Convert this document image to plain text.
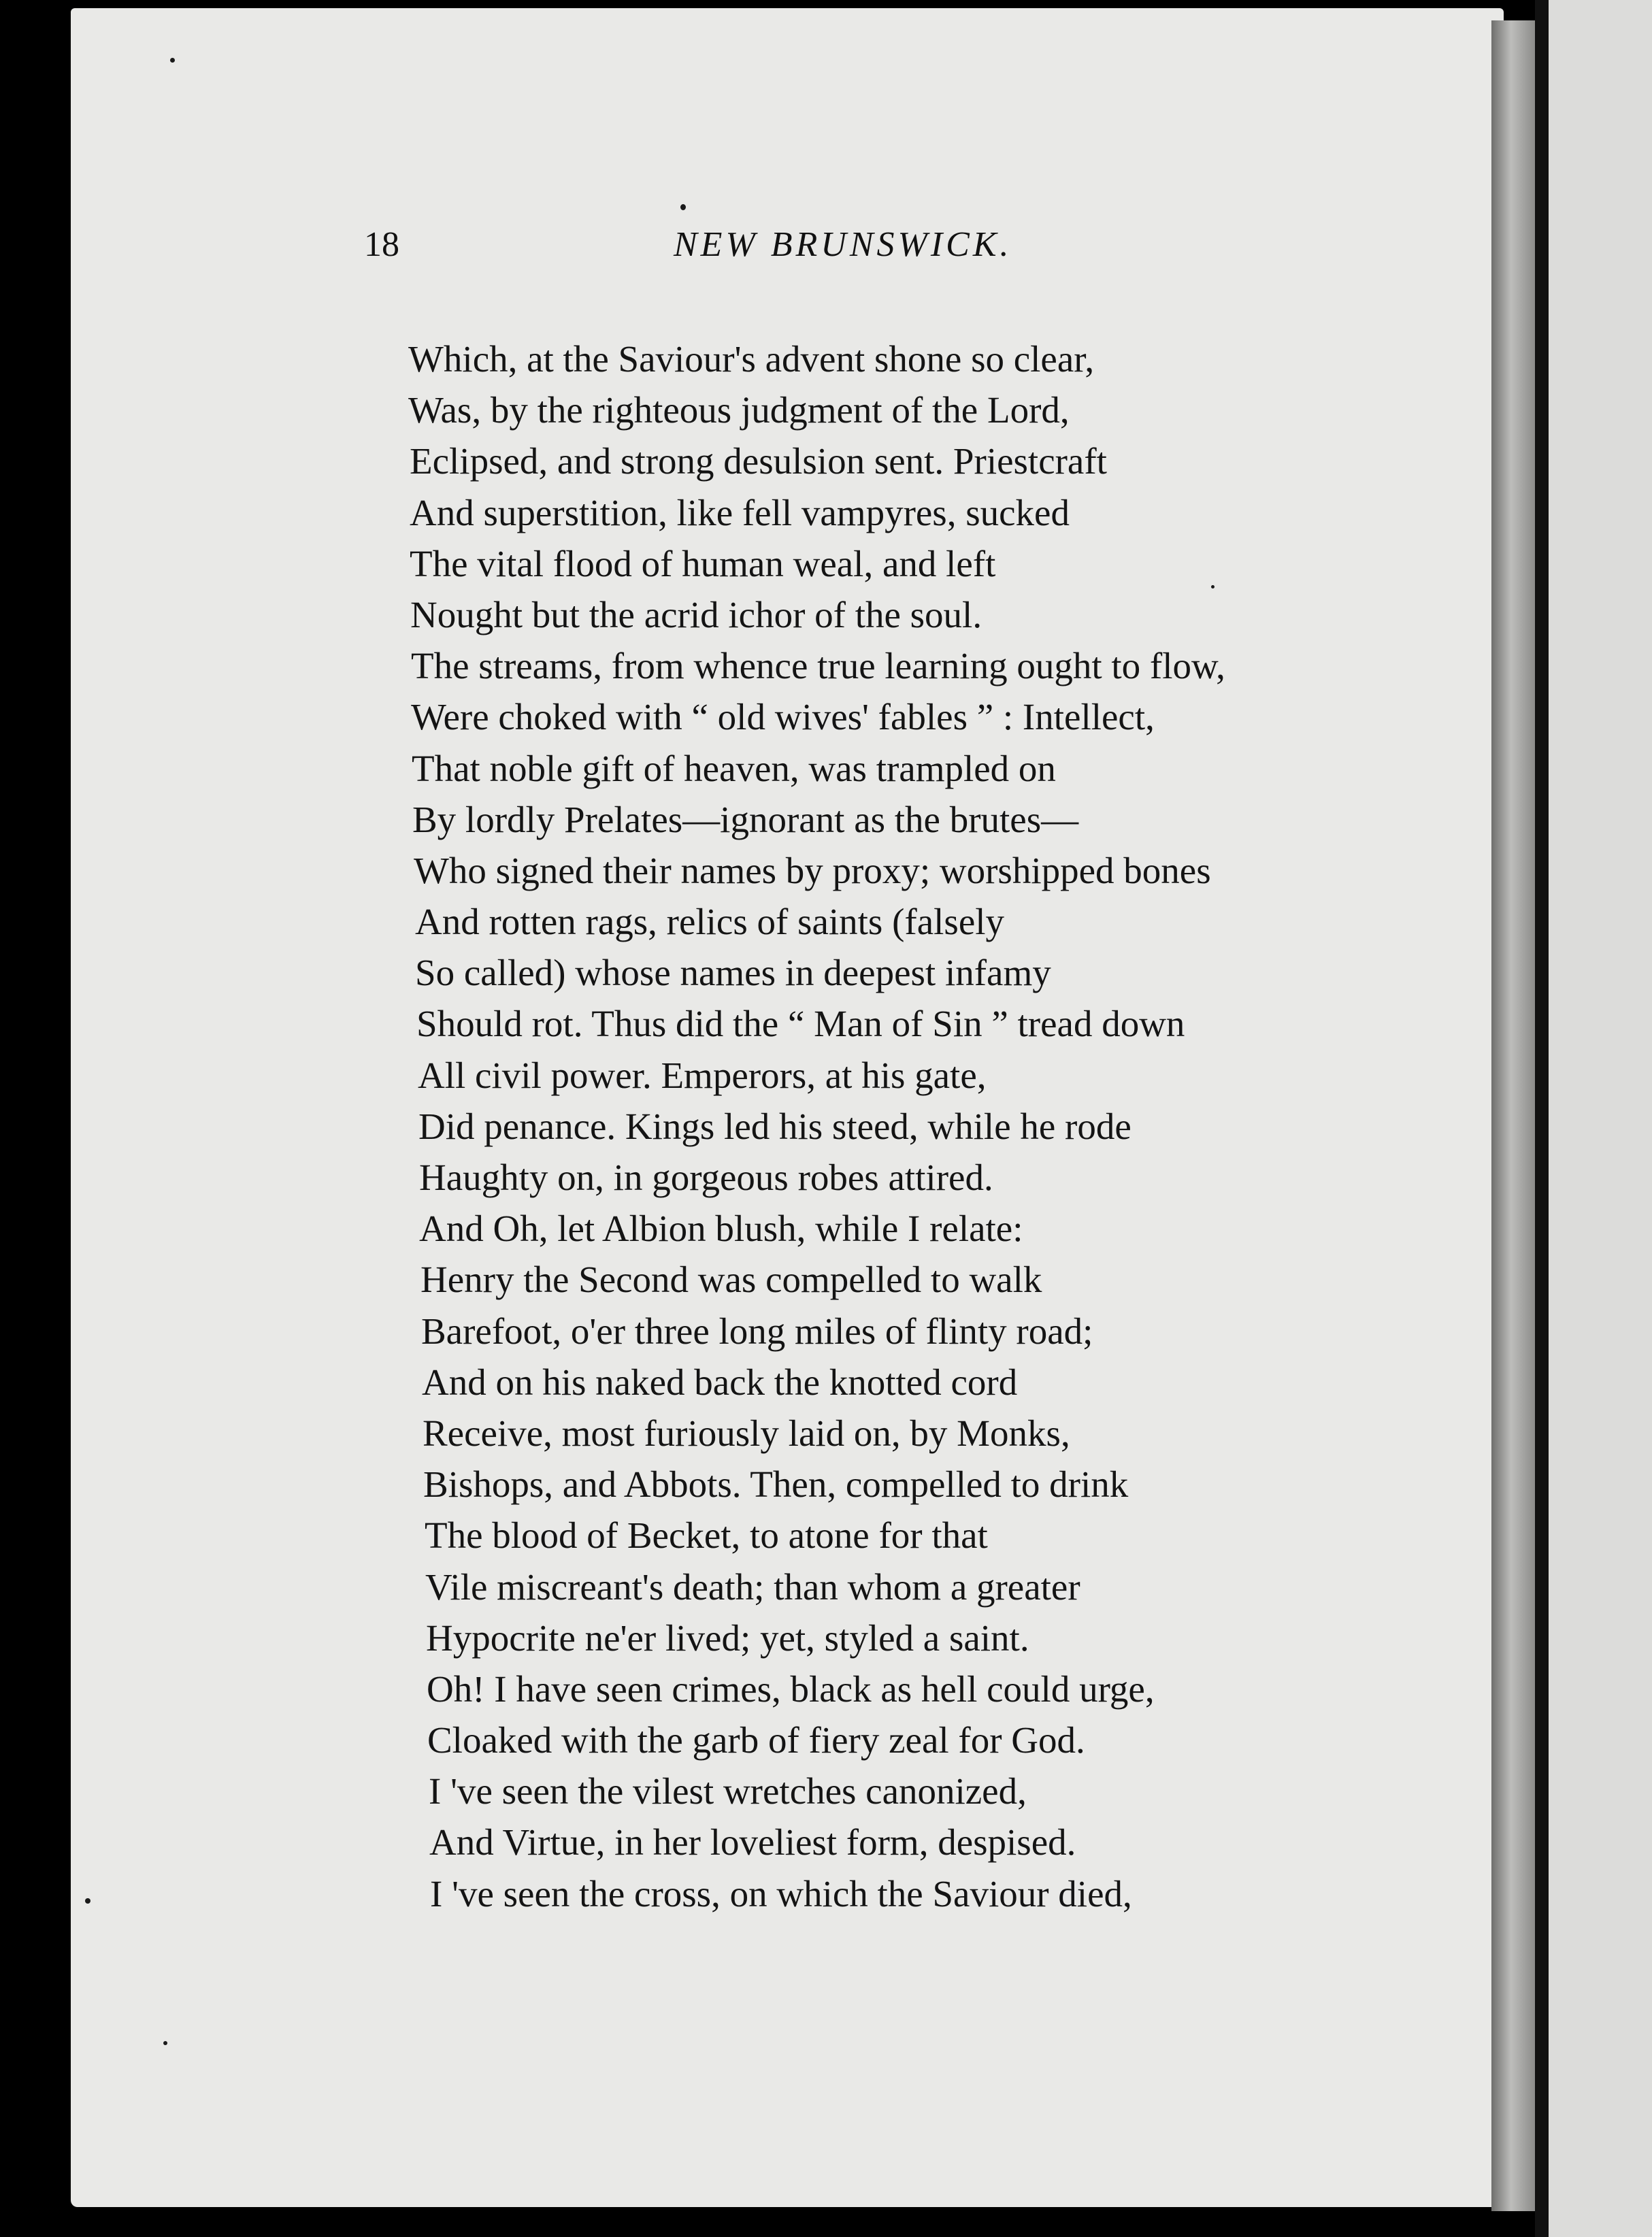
18	NEW BRUNSWICK.
Which, at the Saviour's advent shone so clear,
Was, by the righteous judgment of the Lord,
Eclipsed, and strong desulsion sent. Priestcraft
And superstition, like fell vampyres, sucked
The vital flood of human weal, and left
Nought but the acrid ichor of the soul.
The streams, from whence true learning ought to flow,
Were choked with “ old wives' fables ” : Intellect,
That noble gift of heaven, was trampled on
By lordly Prelates—ignorant as the brutes—
Who signed their names by proxy; worshipped bones
And rotten rags, relics of saints (falsely
So called) whose names in deepest infamy
Should rot. Thus did the “ Man of Sin ” tread down
All civil power. Emperors, at his gate,
Did penance. Kings led his steed, while he rode
Haughty on, in gorgeous robes attired.
And Oh, let Albion blush, while I relate:
Henry the Second was compelled to walk
Barefoot, o'er three long miles of flinty road;
And on his naked back the knotted cord
Receive, most furiously laid on, by Monks,
Bishops, and Abbots. Then, compelled to drink
The blood of Becket, to atone for that
Vile miscreant's death; than whom a greater
Hypocrite ne'er lived; yet, styled a saint.
Oh! I have seen crimes, black as hell could urge,
Cloaked with the garb of fiery zeal for God.
I 've seen the vilest wretches canonized,
And Virtue, in her loveliest form, despised.
I 've seen the cross, on which the Saviour died,
